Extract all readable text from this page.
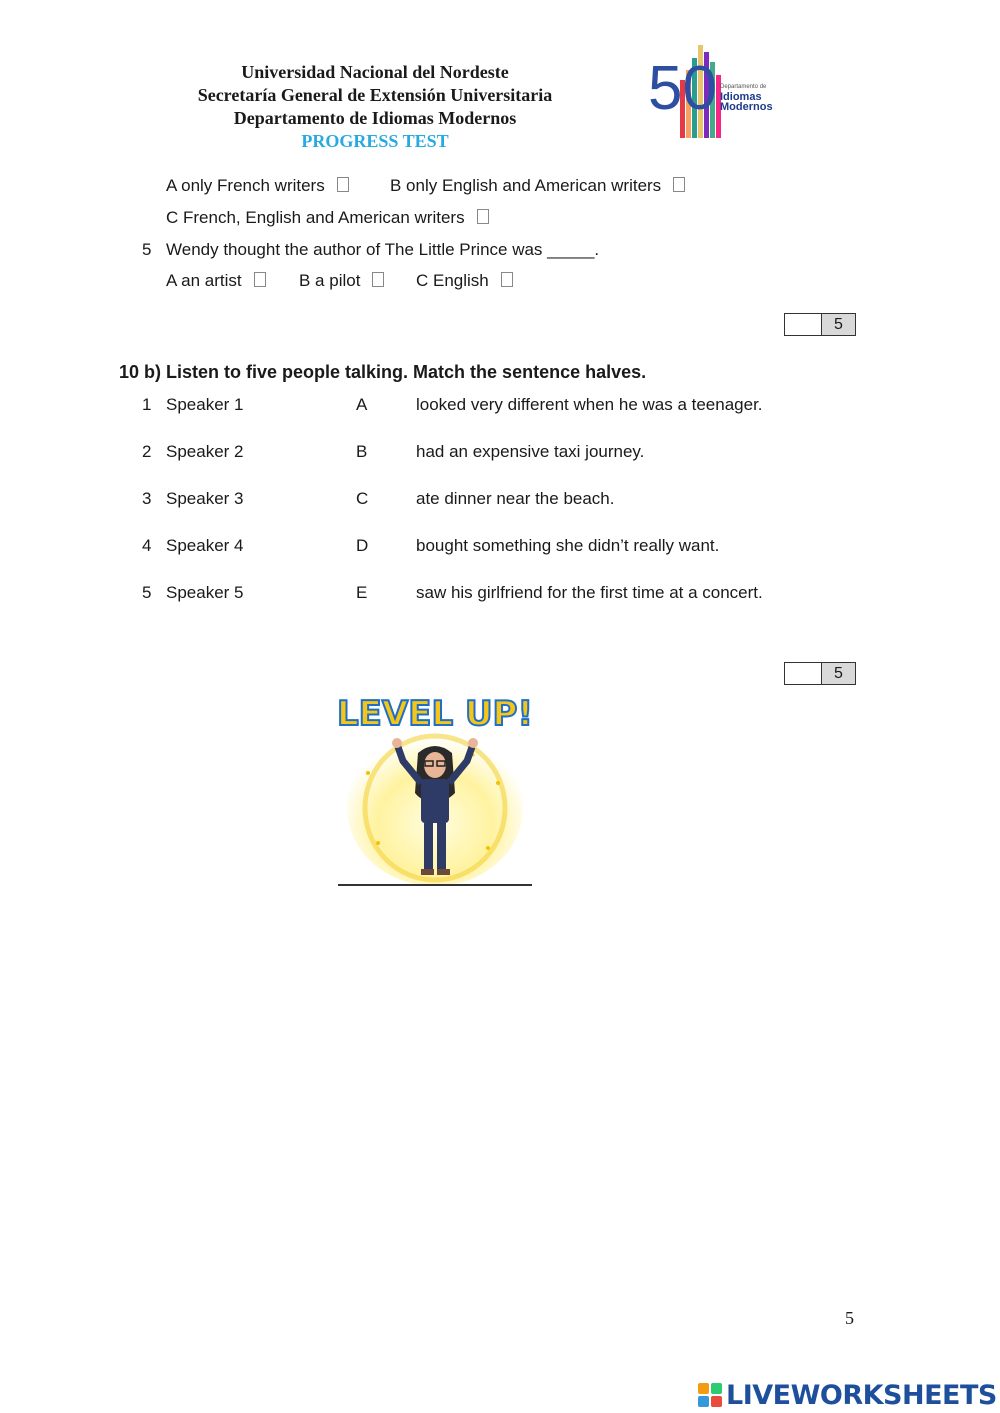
Universidad Nacional del Nordeste
Secretaría General de Extensión Universitaria
Departamento de Idiomas Modernos
PROGRESS TEST
50 Departamento de
Idiomas
Modernos
A only French writers	B only English and American writers
C French, English and American writers
5 Wendy thought the author of The Little Prince was _____.
A an artist	B a pilot	C English
5
10 b) Listen to five people talking. Match the sentence halves.
1 Speaker 1	A	looked very different when he was a teenager.
2 Speaker 2	B	had an expensive taxi journey.
3 Speaker 3	C	ate dinner near the beach.
4 Speaker 4	D	bought something she didn’t really want.
5 Speaker 5	E	saw his girlfriend for the first time at a concert.
5
LEVEL UP!
5
LIVEWORKSHEETS
